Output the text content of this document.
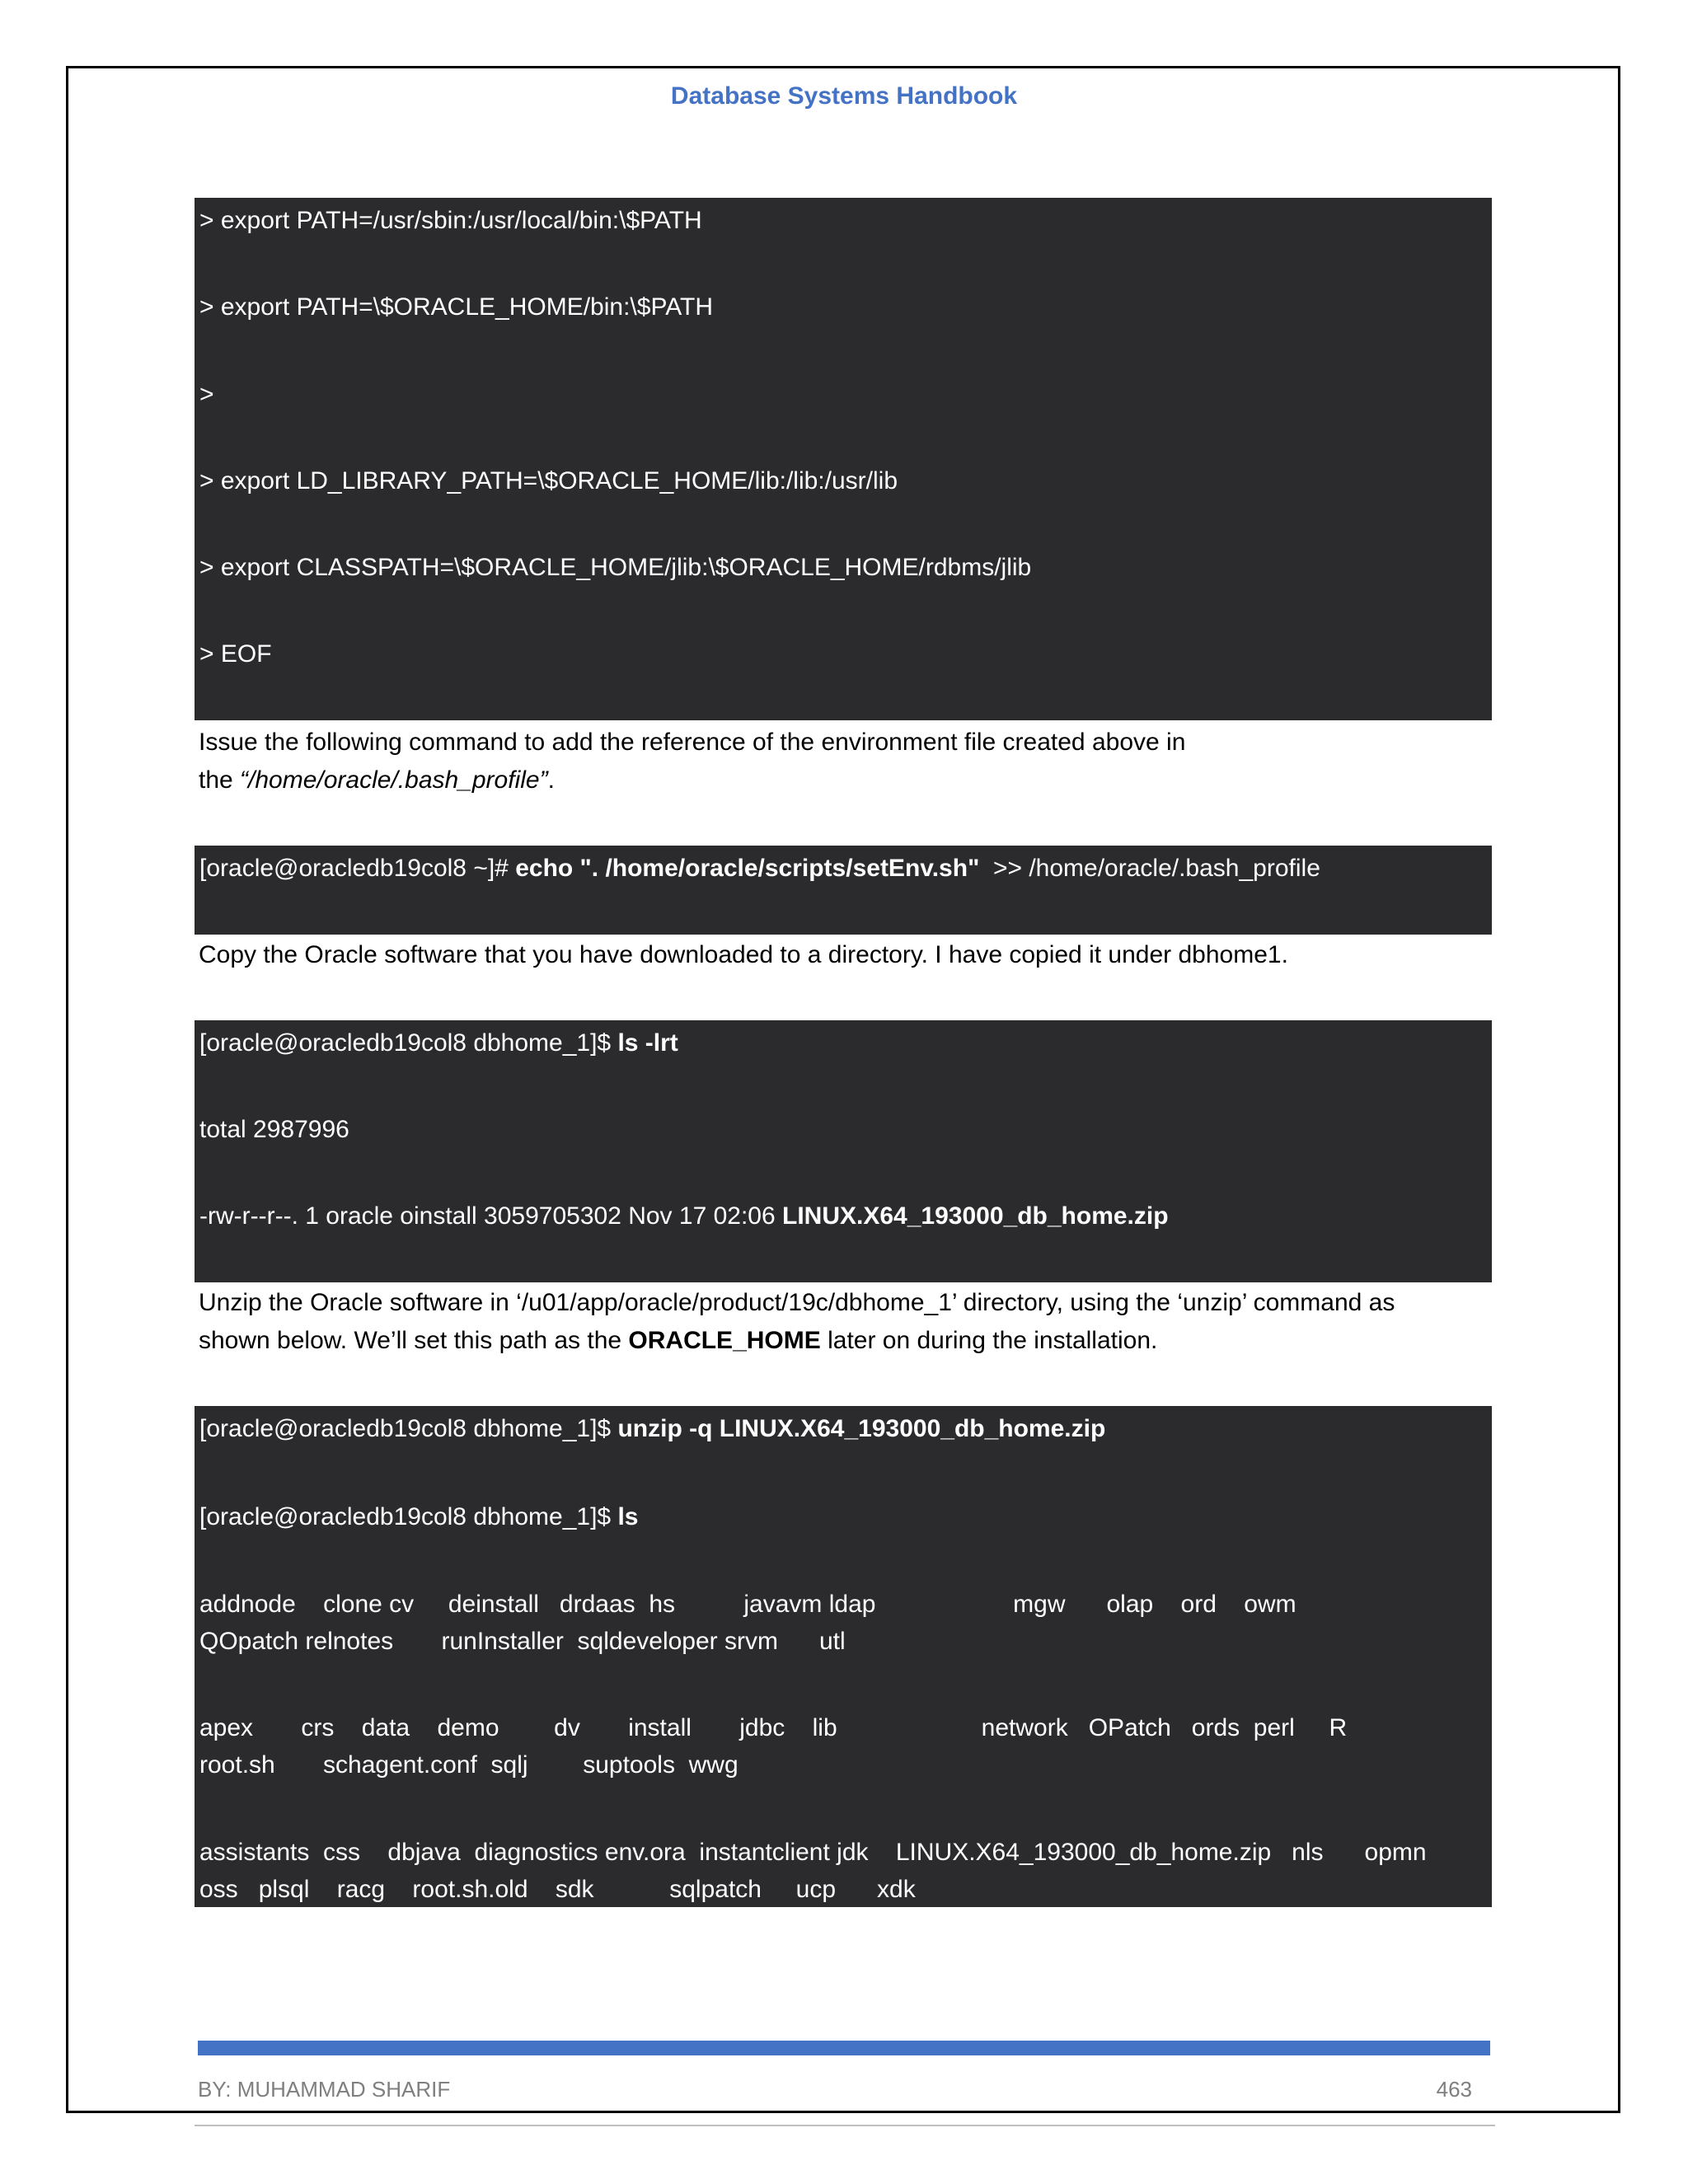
Database Systems Handbook
> export PATH=/usr/sbin:/usr/local/bin:\$PATH
> export PATH=\$ORACLE_HOME/bin:\$PATH
>
> export LD_LIBRARY_PATH=\$ORACLE_HOME/lib:/lib:/usr/lib
> export CLASSPATH=\$ORACLE_HOME/jlib:\$ORACLE_HOME/rdbms/jlib
> EOF

Issue the following command to add the reference of the environment file created above in

the “/home/oracle/.bash_profile”.

[oracle@oracledb19col8 ~]# echo ". /home/oracle/scripts/setEnv.sh"  >> /home/oracle/.bash_profile

Copy the Oracle software that you have downloaded to a directory. I have copied it under dbhome1.

[oracle@oracledb19col8 dbhome_1]$ ls -lrt
total 2987996
-rw-r--r--. 1 oracle oinstall 3059705302 Nov 17 02:06 LINUX.X64_193000_db_home.zip

Unzip the Oracle software in ‘/u01/app/oracle/product/19c/dbhome_1’ directory, using the ‘unzip’ command as

shown below. We’ll set this path as the ORACLE_HOME later on during the installation.

[oracle@oracledb19col8 dbhome_1]$ unzip -q LINUX.X64_193000_db_home.zip
[oracle@oracledb19col8 dbhome_1]$ ls
addnode    clone cv     deinstall   drdaas  hs          javavm ldap                    mgw      olap    ord    owm
QOpatch relnotes       runInstaller  sqldeveloper srvm      utl
apex       crs    data    demo        dv       install       jdbc    lib                     network   OPatch   ords  perl     R
root.sh       schagent.conf  sqlj        suptools  wwg
assistants  css    dbjava  diagnostics env.ora  instantclient jdk    LINUX.X64_193000_db_home.zip   nls      opmn
oss   plsql    racg    root.sh.old    sdk           sqlpatch     ucp      xdk
BY: MUHAMMAD SHARIF	463
